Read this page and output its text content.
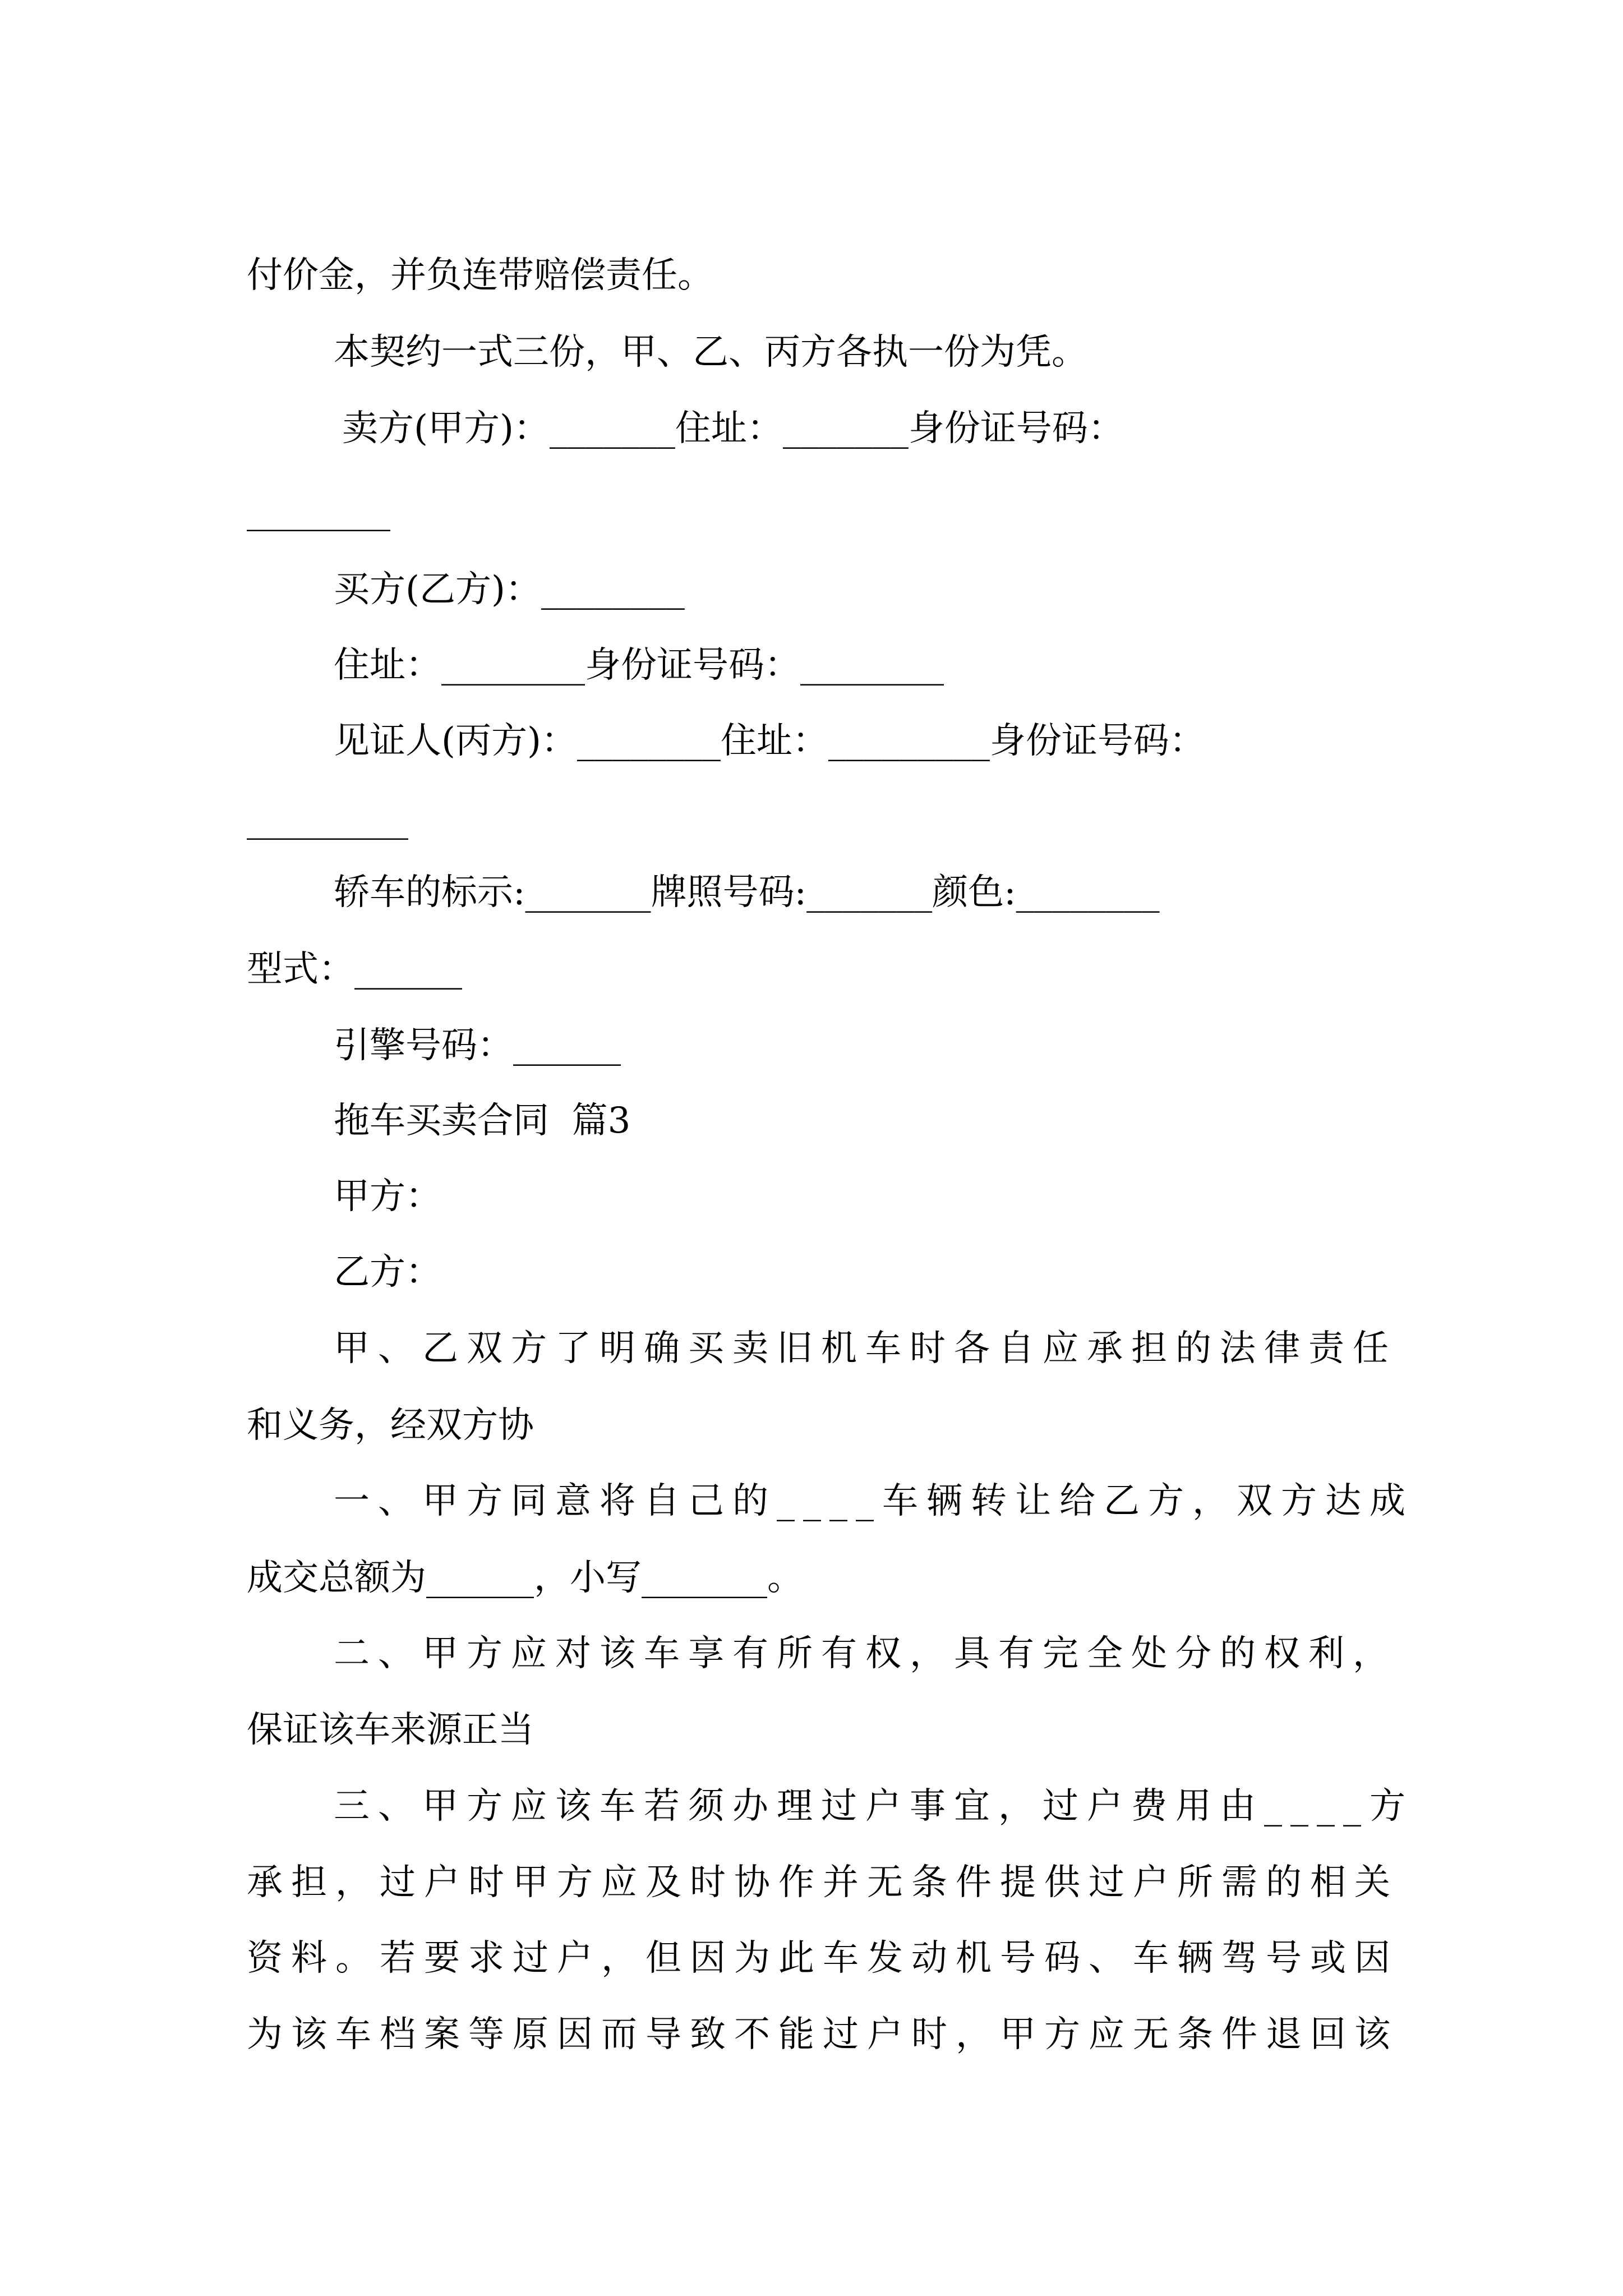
付价金，并负连带赔偿责任。

本契约一式三份，甲、乙、丙方各执一份为凭。

卖方(甲方)：_______住址：_______身份证号码：

________

买方(乙方)：________

住址：________身份证号码：________

见证人(丙方)：________住址：_________身份证号码：

_________

轿车的标示:_______牌照号码:_______颜色:________

型式：______

引擎号码：______

拖车买卖合同  篇3

甲方：

乙方：

甲、乙双方了明确买卖旧机车时各自应承担的法律责任

和义务，经双方协

一、甲方同意将自己的____车辆转让给乙方，双方达成

成交总额为______，小写_______。

二、甲方应对该车享有所有权，具有完全处分的权利，

保证该车来源正当

三、甲方应该车若须办理过户事宜，过户费用由____方

承担，过户时甲方应及时协作并无条件提供过户所需的相关

资料。若要求过户，但因为此车发动机号码、车辆驾号或因

为该车档案等原因而导致不能过户时，甲方应无条件退回该
